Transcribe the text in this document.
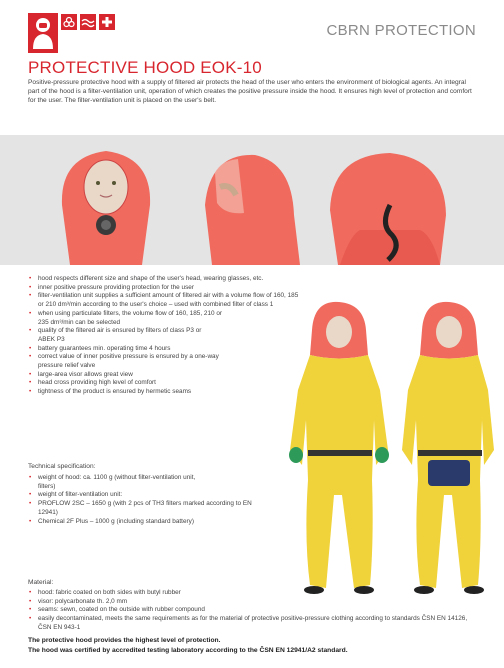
CBRN PROTECTION
PROTECTIVE HOOD EOK-10

Positive-pressure protective hood with a supply of filtered air protects the head of the user who enters the environment of biological agents. An integral part of the hood is a filter-ventilation unit, operation of which creates the positive pressure inside the hood. It ensures high level of protection and comfort for the user. The filter-ventilation unit is placed on the user's belt.

• hood respects different size and shape of the user's head, wearing glasses, etc.
• inner positive pressure providing protection for the user
• filter-ventilation unit supplies a sufficient amount of filtered air with a volume flow of 160, 185 or 210 dm³/min according to the user's choice – used with combined filter of class 1
• when using particulate filters, the volume flow of 160, 185, 210 or 235 dm³/min can be selected
• quality of the filtered air is ensured by filters of class P3 or ABEK P3
• battery guarantees min. operating time 4 hours
• correct value of inner positive pressure is ensured by a one-way pressure relief valve
• large-area visor allows great view
• head cross providing high level of comfort
• tightness of the product is ensured by hermetic seams
Technical specification:
• weight of hood: ca. 1100 g (without filter-ventilation unit, filters)
• weight of filter-ventilation unit:
• PROFLOW 2SC – 1650 g (with 2 pcs of TH3 filters marked according to EN 12941)
• Chemical 2F Plus – 1000 g (including standard battery)
Material:
• hood: fabric coated on both sides with butyl rubber
• visor: polycarbonate th. 2,0 mm
• seams: sewn, coated on the outside with rubber compound
• easily decontaminated, meets the same requirements as for the material of protective positive-pressure clothing according to standards ČSN EN 14126, ČSN EN 943-1
The protective hood provides the highest level of protection.
The hood was certified by accredited testing laboratory according to the ČSN EN 12941/A2 standard.
